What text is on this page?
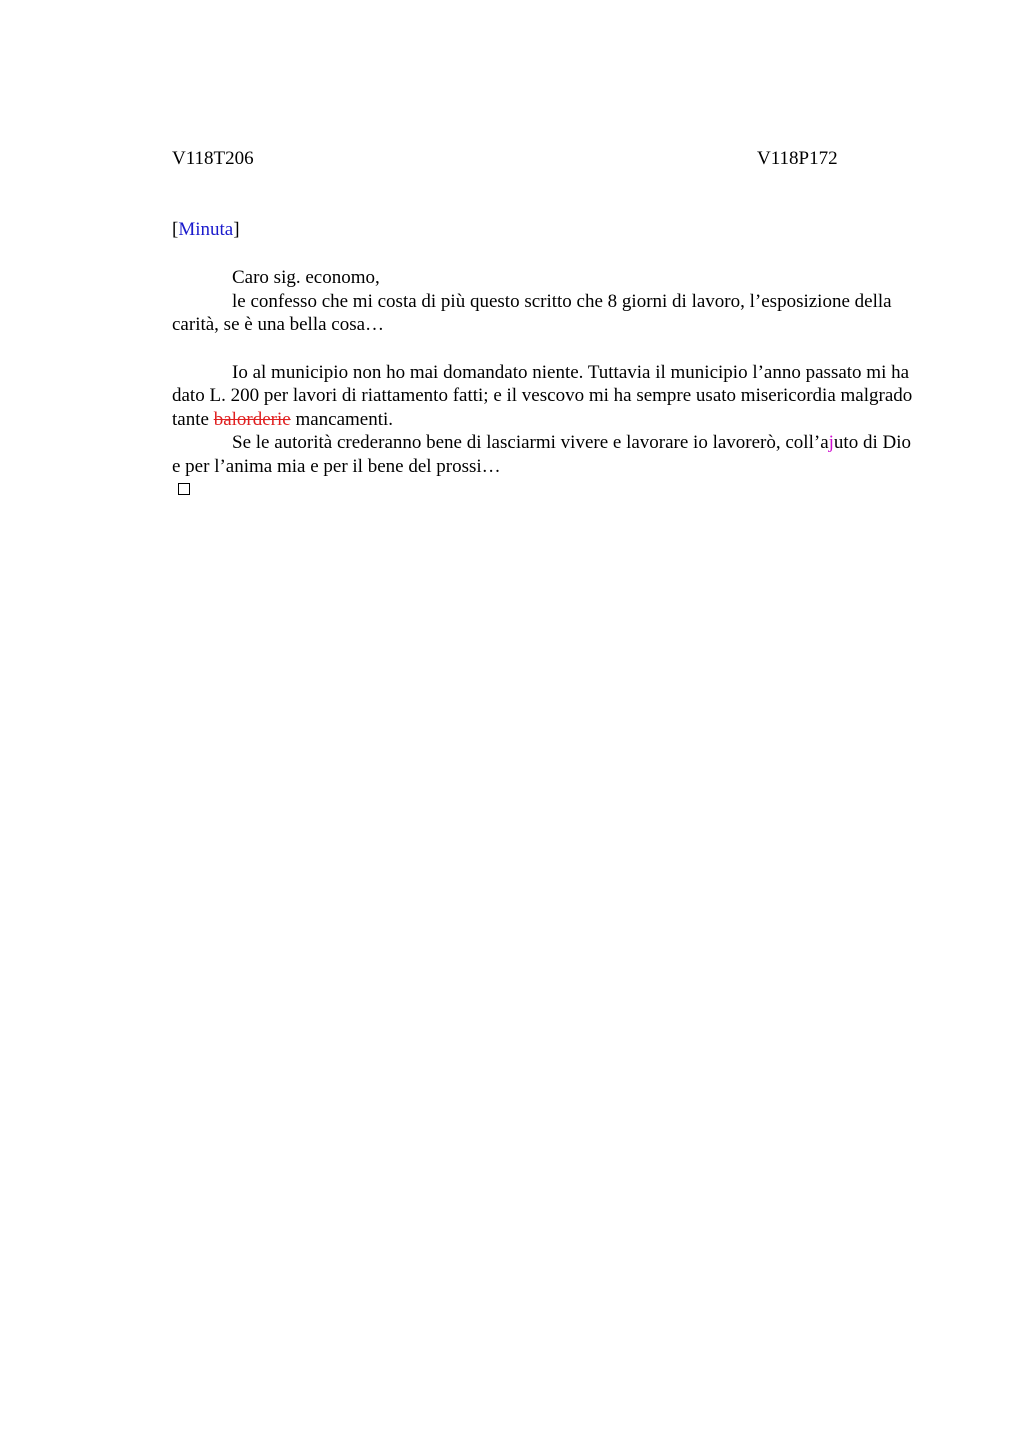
V118T206	V118P172
[Minuta]

Caro sig. economo,

le confesso che mi costa di più questo scritto che 8 giorni di lavoro, l’esposizione della carità, se è una bella cosa…

Io al municipio non ho mai domandato niente. Tuttavia il municipio l’anno passato mi ha dato L. 200 per lavori di riattamento fatti; e il vescovo mi ha sempre usato misericordia malgrado tante balorderie mancamenti.

Se le autorità crederanno bene di lasciarmi vivere e lavorare io lavorerò, coll’ajuto di Dio e per l’anima mia e per il bene del prossi…
